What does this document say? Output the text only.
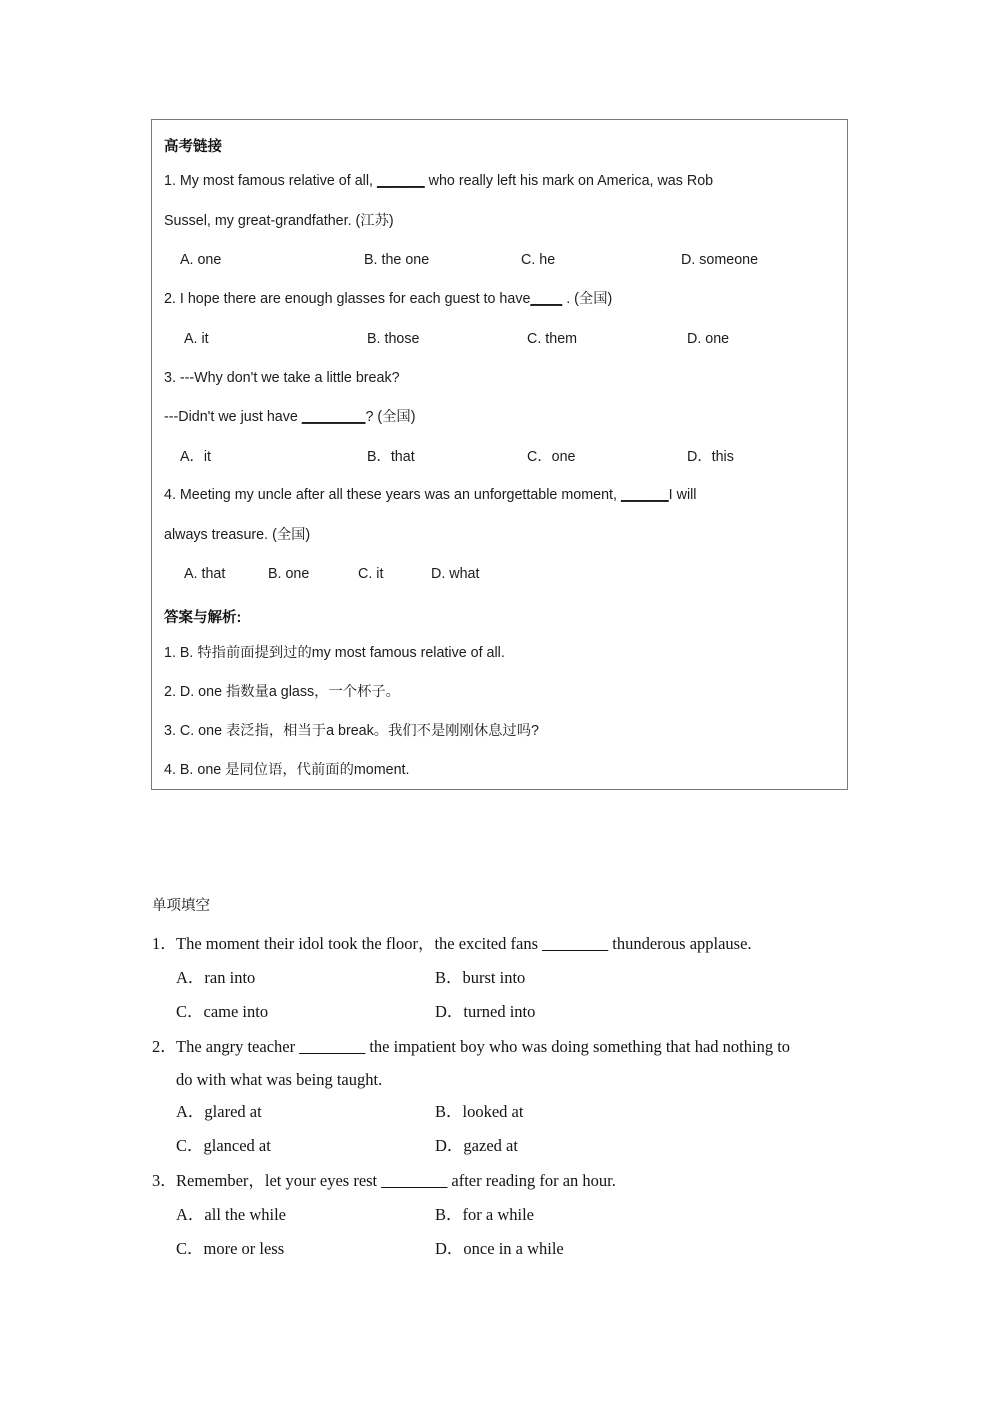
高考链接
1. My most famous relative of all, ______ who really left his mark on America, was Rob
Sussel, my great-grandfather. (江苏)
A. one	B. the one	C. he	D. someone
2. I hope there are enough glasses for each guest to have____ . (全国)
A. it	B. those	C. them	D. one
3. ---Why don't we take a little break?
---Didn't we just have ________? (全国)
A．it	B．that	C．one	D．this
4. Meeting my uncle after all these years was an unforgettable moment, ______I will
always treasure. (全国)
A. that	B. one	C. it	D. what
答案与解析:
1. B. 特指前面提到过的my most famous relative of all.
2. D. one 指数量a glass，一个杯子。
3. C. one 表泛指，相当于a break。我们不是刚刚休息过吗?
4. B. one 是同位语，代前面的moment.
单项填空
1． The moment their idol took the floor，the excited fans ________ thunderous applause.
A．ran into	B．burst into
C．came into	D．turned into
2． The angry teacher ________ the impatient boy who was doing something that had nothing to
do with what was being taught.
A．glared at	B．looked at
C．glanced at	D．gazed at
3． Remember，let your eyes rest ________ after reading for an hour.
A．all the while	B．for a while
C．more or less	D．once in a while
